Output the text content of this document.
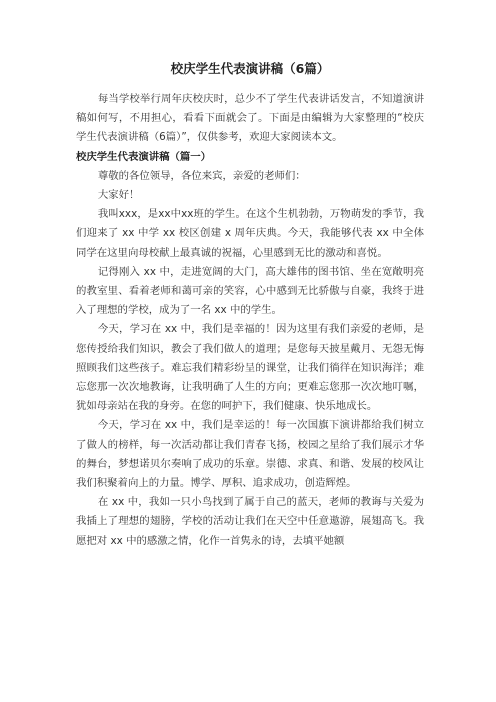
校庆学生代表演讲稿（6篇）

每当学校举行周年庆校庆时，总少不了学生代表讲话发言，不知道演讲稿如何写，不用担心，看看下面就会了。下面是由编辑为大家整理的“校庆学生代表演讲稿（6篇）”，仅供参考，欢迎大家阅读本文。

校庆学生代表演讲稿（篇一）

尊敬的各位领导，各位来宾，亲爱的老师们：

大家好！

我叫xxx，是xx中xx班的学生。在这个生机勃勃，万物萌发的季节，我们迎来了 xx 中学 xx 校区创建 x 周年庆典。今天，我能够代表 xx 中全体同学在这里向母校献上最真诚的祝福，心里感到无比的激动和喜悦。

记得刚入 xx 中，走进宽阔的大门，高大雄伟的图书馆、坐在宽敞明亮的教室里、看着老师和蔼可亲的笑容，心中感到无比骄傲与自豪，我终于进入了理想的学校，成为了一名 xx 中的学生。

今天，学习在 xx 中，我们是幸福的！因为这里有我们亲爱的老师，是您传授给我们知识，教会了我们做人的道理；是您每天披星戴月、无怨无悔照顾我们这些孩子。难忘我们精彩纷呈的课堂，让我们徜徉在知识海洋；难忘您那一次次地教诲，让我明确了人生的方向；更难忘您那一次次地叮嘱，犹如母亲站在我的身旁。在您的呵护下，我们健康、快乐地成长。

今天，学习在 xx 中，我们是幸运的！每一次国旗下演讲都给我们树立了做人的榜样，每一次活动都让我们青春飞扬，校园之星给了我们展示才华的舞台，梦想诺贝尔奏响了成功的乐章。崇德、求真、和谐、发展的校风让我们积聚着向上的力量。博学、厚积、追求成功，创造辉煌。

在 xx 中，我如一只小鸟找到了属于自己的蓝天，老师的教诲与关爱为我插上了理想的翅膀，学校的活动让我们在天空中任意遨游，展翅高飞。我愿把对 xx 中的感激之情，化作一首隽永的诗，去填平她额
